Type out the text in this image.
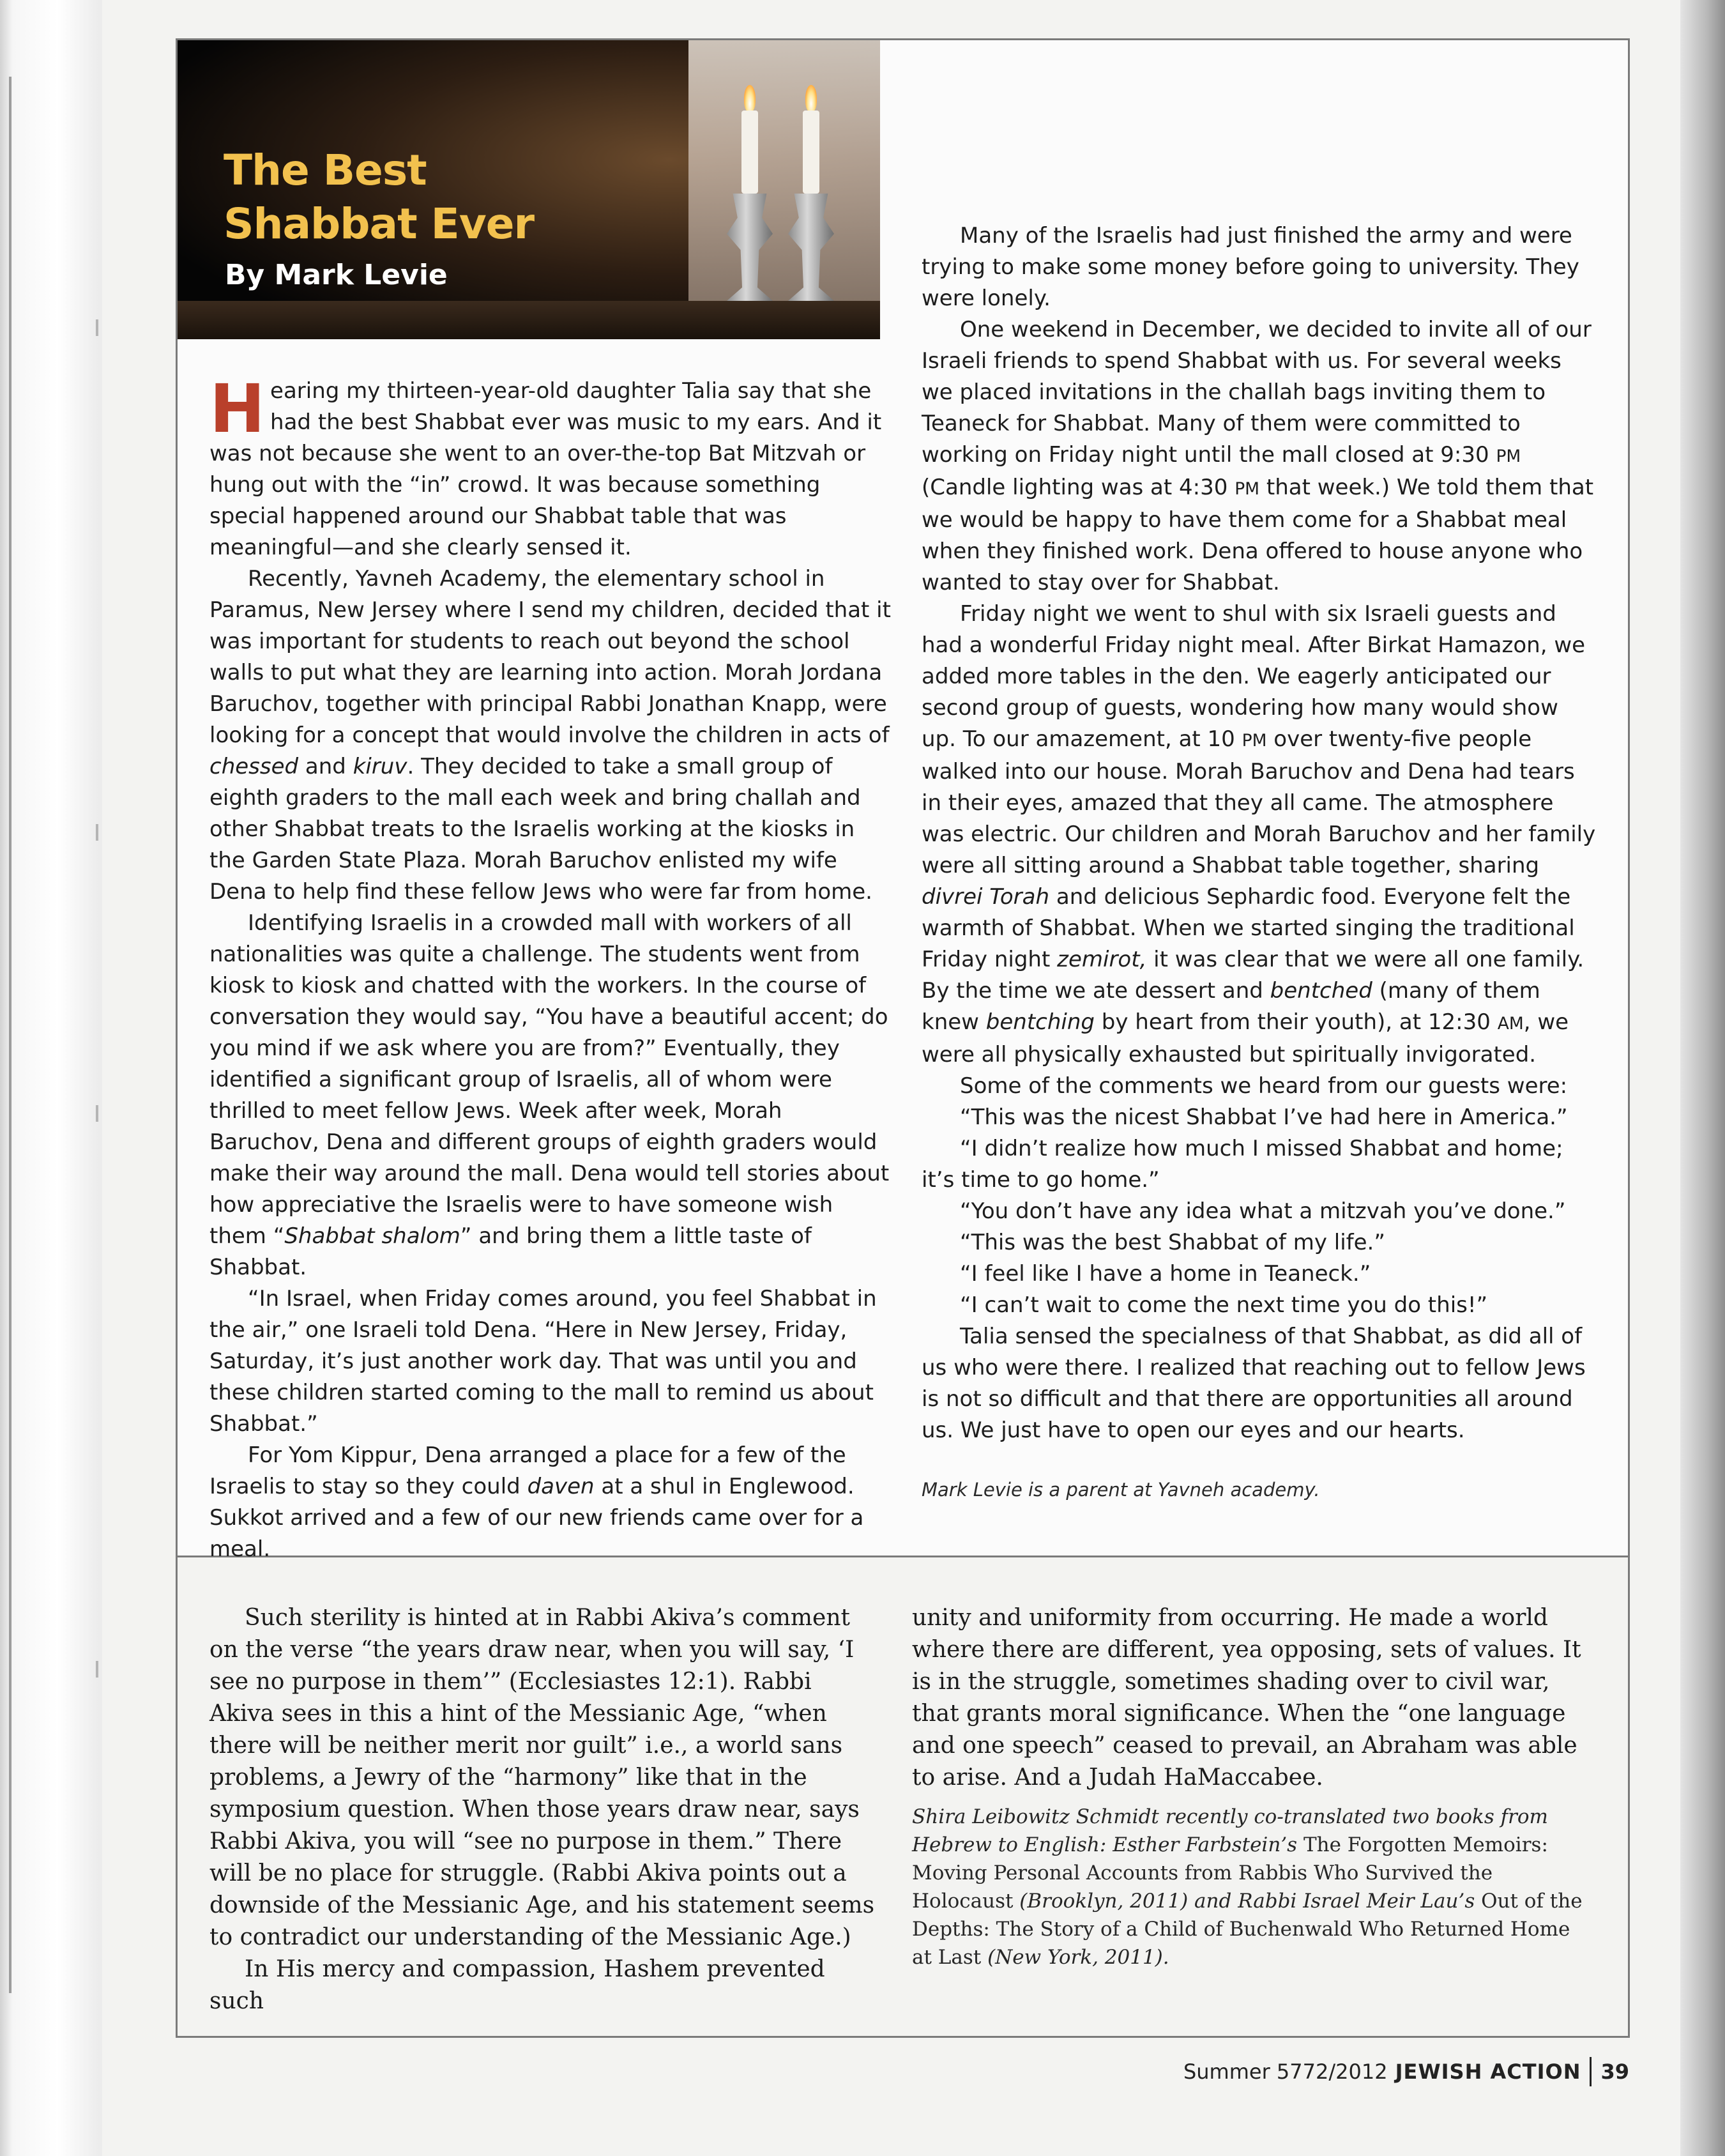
The Best
Shabbat Ever

By Mark Levie

Hearing my thirteen-year-old daughter Talia say that she had the best Shabbat ever was music to my ears. And it was not because she went to an over-the-top Bat Mitzvah or hung out with the “in” crowd. It was because something special happened around our Shabbat table that was meaningful—and she clearly sensed it.

Recently, Yavneh Academy, the elementary school in Paramus, New Jersey where I send my children, decided that it was important for students to reach out beyond the school walls to put what they are learning into action. Morah Jordana Baruchov, together with principal Rabbi Jonathan Knapp, were looking for a concept that would involve the children in acts of chessed and kiruv. They decided to take a small group of eighth graders to the mall each week and bring challah and other Shabbat treats to the Israelis working at the kiosks in the Garden State Plaza. Morah Baruchov enlisted my wife Dena to help find these fellow Jews who were far from home.

Identifying Israelis in a crowded mall with workers of all nationalities was quite a challenge. The students went from kiosk to kiosk and chatted with the workers. In the course of conversation they would say, “You have a beautiful accent; do you mind if we ask where you are from?” Eventually, they identified a significant group of Israelis, all of whom were thrilled to meet fellow Jews. Week after week, Morah Baruchov, Dena and different groups of eighth graders would make their way around the mall. Dena would tell stories about how appreciative the Israelis were to have someone wish them “Shabbat shalom” and bring them a little taste of Shabbat.

“In Israel, when Friday comes around, you feel Shabbat in the air,” one Israeli told Dena. “Here in New Jersey, Friday, Saturday, it’s just another work day. That was until you and these children started coming to the mall to remind us about Shabbat.”

For Yom Kippur, Dena arranged a place for a few of the Israelis to stay so they could daven at a shul in Englewood. Sukkot arrived and a few of our new friends came over for a meal.

Many of the Israelis had just finished the army and were trying to make some money before going to university. They were lonely.

One weekend in December, we decided to invite all of our Israeli friends to spend Shabbat with us. For several weeks we placed invitations in the challah bags inviting them to Teaneck for Shabbat. Many of them were committed to working on Friday night until the mall closed at 9:30 PM (Candle lighting was at 4:30 PM that week.) We told them that we would be happy to have them come for a Shabbat meal when they finished work. Dena offered to house anyone who wanted to stay over for Shabbat.

Friday night we went to shul with six Israeli guests and had a wonderful Friday night meal. After Birkat Hamazon, we added more tables in the den. We eagerly anticipated our second group of guests, wondering how many would show up. To our amazement, at 10 PM over twenty-five people walked into our house. Morah Baruchov and Dena had tears in their eyes, amazed that they all came. The atmosphere was electric. Our children and Morah Baruchov and her family were all sitting around a Shabbat table together, sharing divrei Torah and delicious Sephardic food. Everyone felt the warmth of Shabbat. When we started singing the traditional Friday night zemirot, it was clear that we were all one family. By the time we ate dessert and bentched (many of them knew bentching by heart from their youth), at 12:30 AM, we were all physically exhausted but spiritually invigorated.

Some of the comments we heard from our guests were:

“This was the nicest Shabbat I’ve had here in America.”

“I didn’t realize how much I missed Shabbat and home; it’s time to go home.”

“You don’t have any idea what a mitzvah you’ve done.”

“This was the best Shabbat of my life.”

“I feel like I have a home in Teaneck.”

“I can’t wait to come the next time you do this!”

Talia sensed the specialness of that Shabbat, as did all of us who were there. I realized that reaching out to fellow Jews is not so difficult and that there are opportunities all around us. We just have to open our eyes and our hearts.

Mark Levie is a parent at Yavneh academy.

Such sterility is hinted at in Rabbi Akiva’s comment on the verse “the years draw near, when you will say, ‘I see no purpose in them’” (Ecclesiastes 12:1). Rabbi Akiva sees in this a hint of the Messianic Age, “when there will be neither merit nor guilt” i.e., a world sans problems, a Jewry of the “harmony” like that in the symposium question. When those years draw near, says Rabbi Akiva, you will “see no purpose in them.” There will be no place for struggle. (Rabbi Akiva points out a downside of the Messianic Age, and his statement seems to contradict our understanding of the Messianic Age.)

In His mercy and compassion, Hashem prevented such

unity and uniformity from occurring. He made a world where there are different, yea opposing, sets of values. It is in the struggle, sometimes shading over to civil war, that grants moral significance. When the “one language and one speech” ceased to prevail, an Abraham was able to arise. And a Judah HaMaccabee.

Shira Leibowitz Schmidt recently co-translated two books from Hebrew to English: Esther Farbstein’s The Forgotten Memoirs: Moving Personal Accounts from Rabbis Who Survived the Holocaust (Brooklyn, 2011) and Rabbi Israel Meir Lau’s Out of the Depths: The Story of a Child of Buchenwald Who Returned Home at Last (New York, 2011).
Summer 5772/2012 JEWISH ACTION 39
